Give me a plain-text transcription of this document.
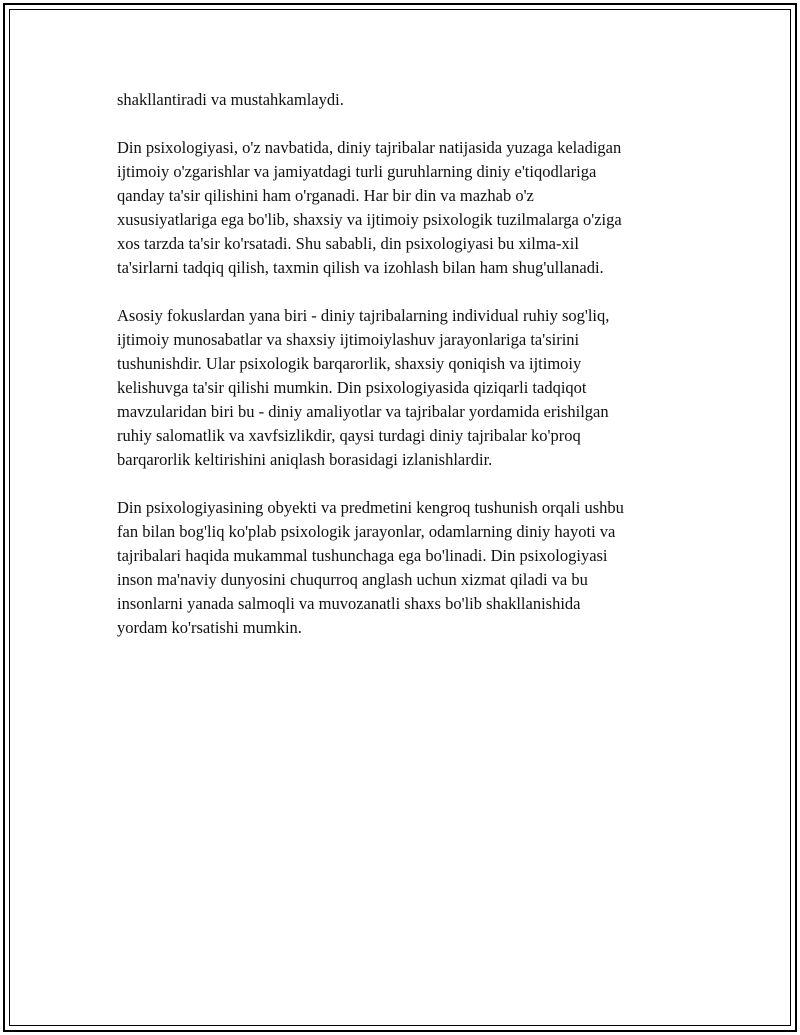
shakllantiradi va mustahkamlaydi.

Din psixologiyasi, o'z navbatida, diniy tajribalar natijasida yuzaga keladigan
ijtimoiy o'zgarishlar va jamiyatdagi turli guruhlarning diniy e'tiqodlariga
qanday ta'sir qilishini ham o'rganadi. Har bir din va mazhab o'z
xususiyatlariga ega bo'lib, shaxsiy va ijtimoiy psixologik tuzilmalarga o'ziga
xos tarzda ta'sir ko'rsatadi. Shu sababli, din psixologiyasi bu xilma-xil
ta'sirlarni tadqiq qilish, taxmin qilish va izohlash bilan ham shug'ullanadi.

Asosiy fokuslardan yana biri - diniy tajribalarning individual ruhiy sog'liq,
ijtimoiy munosabatlar va shaxsiy ijtimoiylashuv jarayonlariga ta'sirini
tushunishdir. Ular psixologik barqarorlik, shaxsiy qoniqish va ijtimoiy
kelishuvga ta'sir qilishi mumkin. Din psixologiyasida qiziqarli tadqiqot
mavzularidan biri bu - diniy amaliyotlar va tajribalar yordamida erishilgan
ruhiy salomatlik va xavfsizlikdir, qaysi turdagi diniy tajribalar ko'proq
barqarorlik keltirishini aniqlash borasidagi izlanishlardir.

Din psixologiyasining obyekti va predmetini kengroq tushunish orqali ushbu
fan bilan bog'liq ko'plab psixologik jarayonlar, odamlarning diniy hayoti va
tajribalari haqida mukammal tushunchaga ega bo'linadi. Din psixologiyasi
inson ma'naviy dunyosini chuqurroq anglash uchun xizmat qiladi va bu
insonlarni yanada salmoqli va muvozanatli shaxs bo'lib shakllanishida
yordam ko'rsatishi mumkin.
